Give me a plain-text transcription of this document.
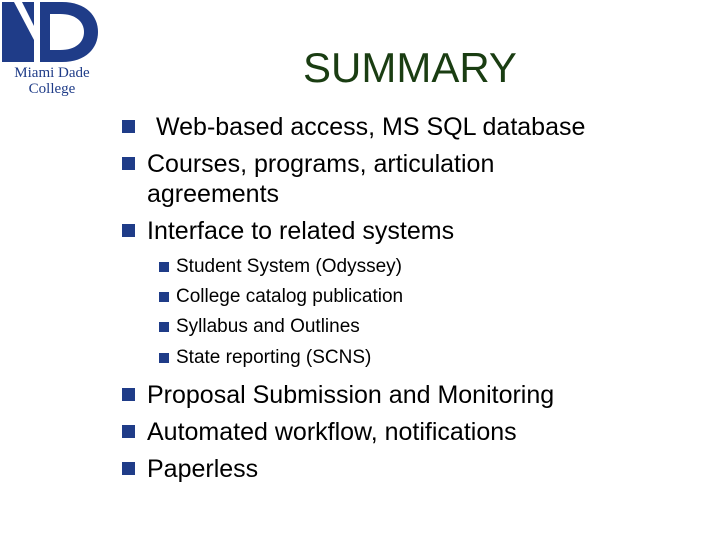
Miami Dade
College	SUMMARY
Web-based access, MS SQL database
Courses, programs, articulation
agreements
Interface to related systems
Student System (Odyssey)
College catalog publication
Syllabus and Outlines
State reporting (SCNS)
Proposal Submission and Monitoring
Automated workflow, notifications
Paperless
